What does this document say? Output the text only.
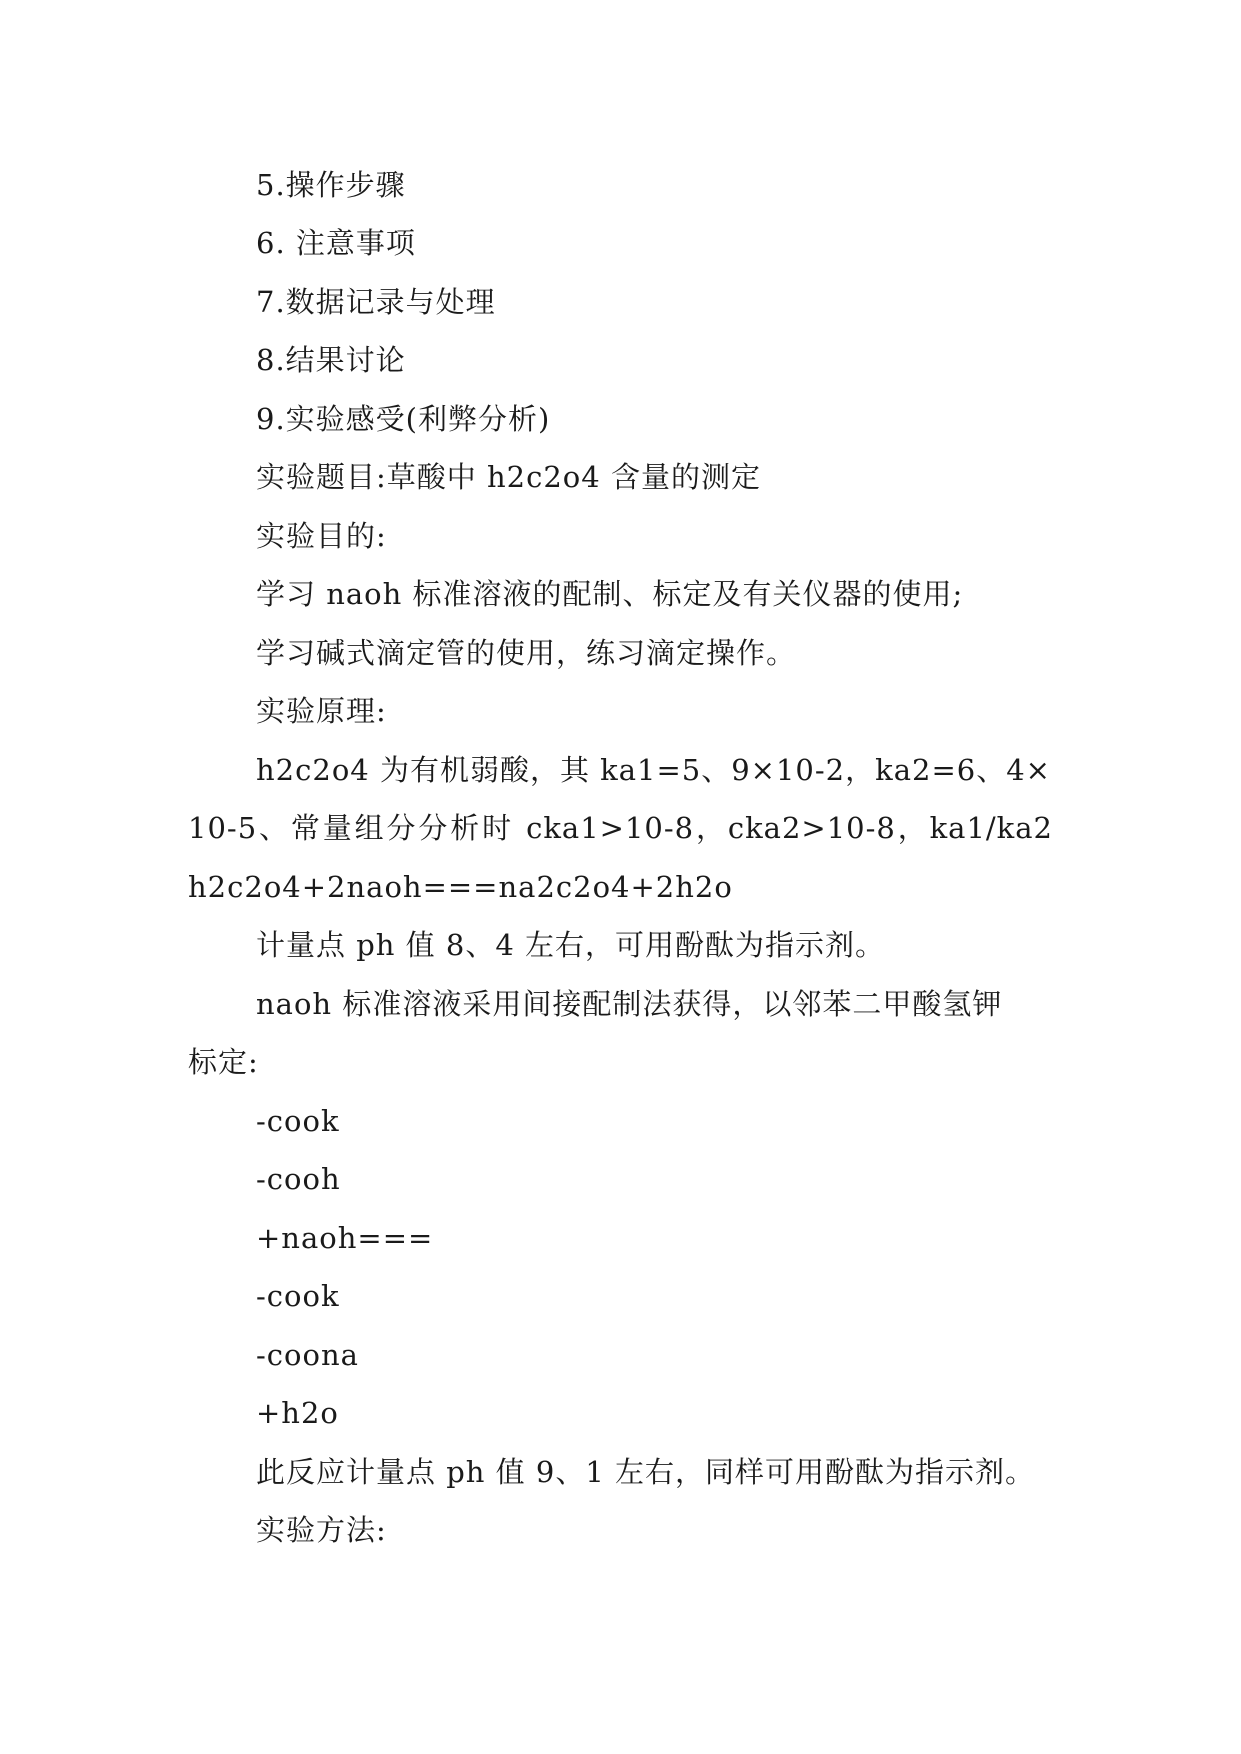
5.操作步骤
6. 注意事项
7.数据记录与处理
8.结果讨论
9.实验感受(利弊分析)
实验题目:草酸中 h2c2o4 含量的测定
实验目的:
学习 naoh 标准溶液的配制、标定及有关仪器的使用;
学习碱式滴定管的使用，练习滴定操作。
实验原理:
h2c2o4 为有机弱酸，其 ka1=5、9×10-2，ka2=6、4×
10-5、常量组分分析时 cka1>10-8，cka2>10-8，ka1/ka2
h2c2o4+2naoh===na2c2o4+2h2o
计量点 ph 值 8、4 左右，可用酚酞为指示剂。
naoh 标准溶液采用间接配制法获得，以邻苯二甲酸氢钾
标定:
-cook
-cooh
+naoh===
-cook
-coona
+h2o
此反应计量点 ph 值 9、1 左右，同样可用酚酞为指示剂。
实验方法:
